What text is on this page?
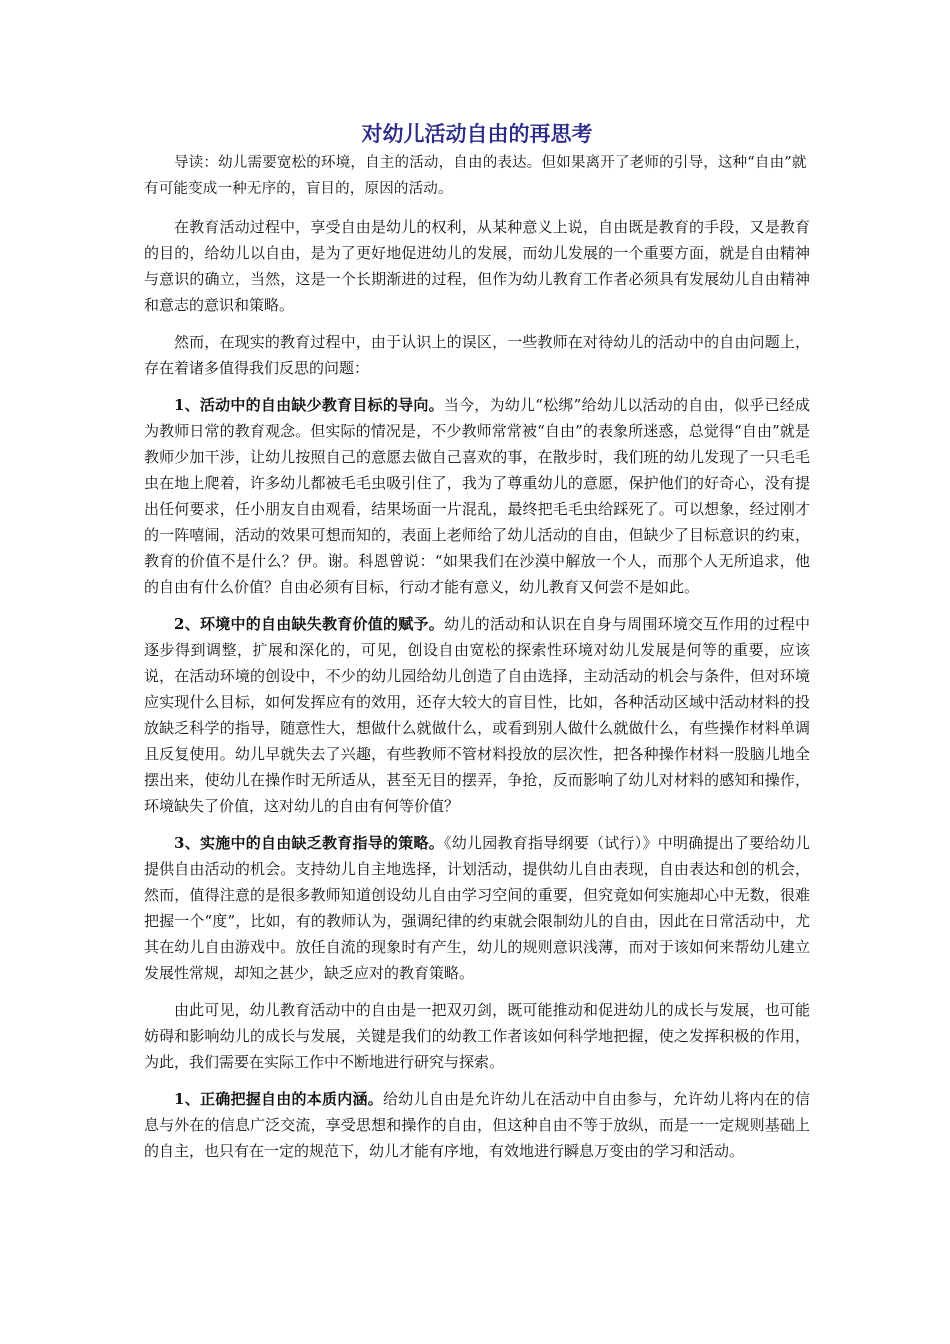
对幼儿活动自由的再思考
导读：幼儿需要宽松的环境，自主的活动，自由的表达。但如果离开了老师的引导，这种“自由”就有可能变成一种无序的，盲目的，原因的活动。
在教育活动过程中，享受自由是幼儿的权利，从某种意义上说，自由既是教育的手段，又是教育的目的，给幼儿以自由，是为了更好地促进幼儿的发展，而幼儿发展的一个重要方面，就是自由精神与意识的确立，当然，这是一个长期渐进的过程，但作为幼儿教育工作者必须具有发展幼儿自由精神和意志的意识和策略。
然而，在现实的教育过程中，由于认识上的误区，一些教师在对待幼儿的活动中的自由问题上，存在着诸多值得我们反思的问题：
1、活动中的自由缺少教育目标的导向。当今，为幼儿“松绑”给幼儿以活动的自由，似乎已经成为教师日常的教育观念。但实际的情况是，不少教师常常被“自由”的表象所迷惑，总觉得“自由”就是教师少加干涉，让幼儿按照自己的意愿去做自己喜欢的事，在散步时，我们班的幼儿发现了一只毛毛虫在地上爬着，许多幼儿都被毛毛虫吸引住了，我为了尊重幼儿的意愿，保护他们的好奇心，没有提出任何要求，任小朋友自由观看，结果场面一片混乱，最终把毛毛虫给踩死了。可以想象，经过刚才的一阵嘻闹，活动的效果可想而知的，表面上老师给了幼儿活动的自由，但缺少了目标意识的约束，教育的价值不是什么？伊。谢。科恩曾说：“如果我们在沙漠中解放一个人，而那个人无所追求，他的自由有什么价值？自由必须有目标，行动才能有意义，幼儿教育又何尝不是如此。
2、环境中的自由缺失教育价值的赋予。幼儿的活动和认识在自身与周围环境交互作用的过程中逐步得到调整，扩展和深化的，可见，创设自由宽松的探索性环境对幼儿发展是何等的重要，应该说，在活动环境的创设中，不少的幼儿园给幼儿创造了自由选择，主动活动的机会与条件，但对环境应实现什么目标，如何发挥应有的效用，还存大较大的盲目性，比如，各种活动区域中活动材料的投放缺乏科学的指导，随意性大，想做什么就做什么，或看到别人做什么就做什么，有些操作材料单调且反复使用。幼儿早就失去了兴趣，有些教师不管材料投放的层次性，把各种操作材料一股脑儿地全摆出来，使幼儿在操作时无所适从，甚至无目的摆弄，争抢，反而影响了幼儿对材料的感知和操作，环境缺失了价值，这对幼儿的自由有何等价值？
3、实施中的自由缺乏教育指导的策略。《幼儿园教育指导纲要（试行）》中明确提出了要给幼儿提供自由活动的机会。支持幼儿自主地选择，计划活动，提供幼儿自由表现，自由表达和创的机会，然而，值得注意的是很多教师知道创设幼儿自由学习空间的重要，但究竟如何实施却心中无数，很难把握一个“度”，比如，有的教师认为，强调纪律的约束就会限制幼儿的自由，因此在日常活动中，尤其在幼儿自由游戏中。放任自流的现象时有产生，幼儿的规则意识浅薄，而对于该如何来帮幼儿建立发展性常规，却知之甚少，缺乏应对的教育策略。
由此可见，幼儿教育活动中的自由是一把双刃剑，既可能推动和促进幼儿的成长与发展，也可能妨碍和影响幼儿的成长与发展，关键是我们的幼教工作者该如何科学地把握，使之发挥积极的作用，为此，我们需要在实际工作中不断地进行研究与探索。
1、正确把握自由的本质内涵。给幼儿自由是允许幼儿在活动中自由参与，允许幼儿将内在的信息与外在的信息广泛交流，享受思想和操作的自由，但这种自由不等于放纵，而是一一定规则基础上的自主，也只有在一定的规范下，幼儿才能有序地，有效地进行瞬息万变由的学习和活动。
